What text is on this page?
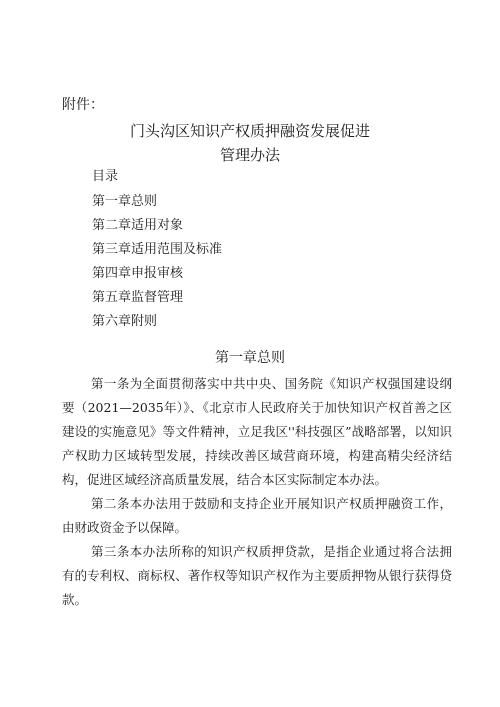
附件：
门头沟区知识产权质押融资发展促进
管理办法
目录
第一章总则
第二章适用对象
第三章适用范围及标准
第四章申报审核
第五章监督管理
第六章附则
第一章总则

第一条为全面贯彻落实中共中央、国务院《知识产权强国建设纲要（2021—2035年）》、《北京市人民政府关于加快知识产权首善之区建设的实施意见》等文件精神，立足我区''科技强区”战略部署，以知识产权助力区域转型发展，持续改善区域营商环境，构建高精尖经济结构，促进区域经济高质量发展，结合本区实际制定本办法。

第二条本办法用于鼓励和支持企业开展知识产权质押融资工作，由财政资金予以保障。

第三条本办法所称的知识产权质押贷款，是指企业通过将合法拥有的专利权、商标权、著作权等知识产权作为主要质押物从银行获得贷款。
